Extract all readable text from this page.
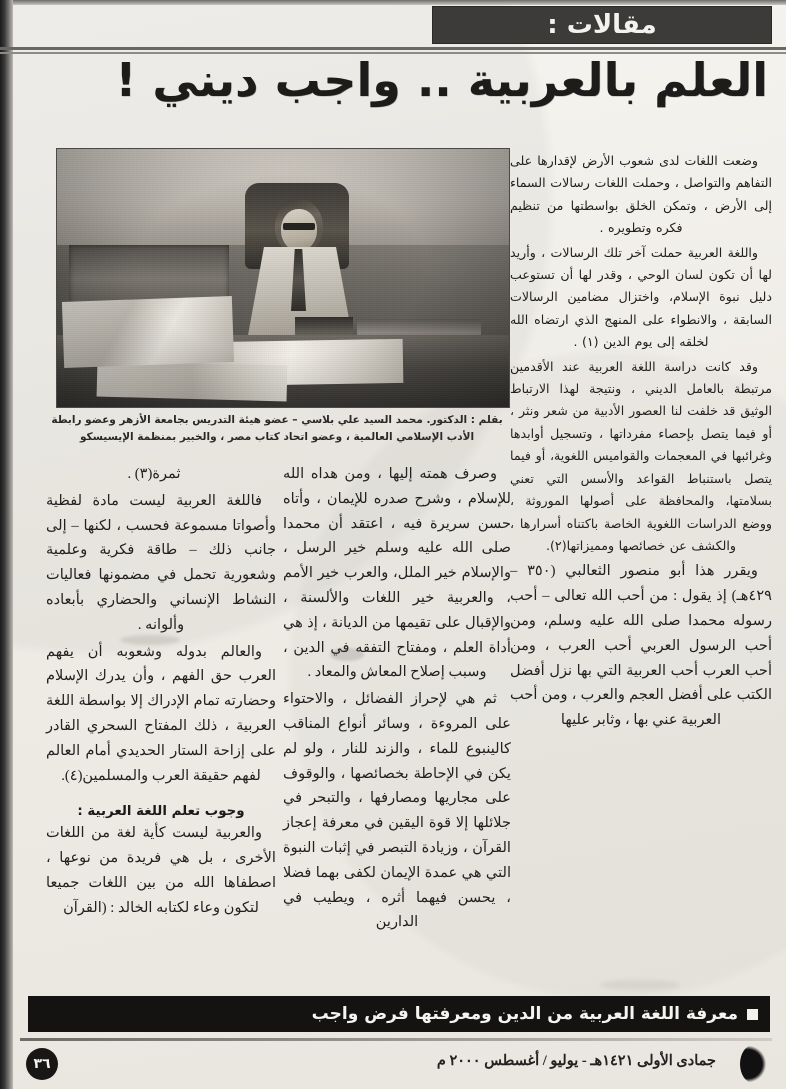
مقالات :
العلم بالعربية .. واجب ديني !
بقلم : الدكتور. محمد السيد علي بلاسي – عضو هيئة التدريس بجامعة الأزهر وعضو رابطة الأدب الإسلامي العالمية ، وعضو اتحاد كتاب مصر ، والخبير بمنظمة الإيسيسكو

وضعت اللغات لدى شعوب الأرض لإقدارها على التفاهم والتواصل ، وحملت اللغات رسالات السماء إلى الأرض ، وتمكن الخلق بواسطتها من تنظيم فكره وتطويره .

واللغة العربية حملت آخر تلك الرسالات ، وأريد لها أن تكون لسان الوحي ، وقدر لها أن تستوعب دليل نبوة الإسلام، واختزال مضامين الرسالات السابقة ، والانطواء على المنهج الذي ارتضاه الله لخلقه إلى يوم الدين (١) .

وقد كانت دراسة اللغة العربية عند الأقدمين مرتبطة بالعامل الديني ، ونتيجة لهذا الارتباط الوثيق قد خلفت لنا العصور الأدبية من شعر ونثر ، أو فيما يتصل بإحصاء مفرداتها ، وتسجيل أوابدها وغرائبها في المعجمات والقواميس اللغوية، أو فيما يتصل باستنباط القواعد والأسس التي تعني بسلامتها، والمحافظة على أصولها الموروثة ، ووضع الدراسات اللغوية الخاصة باكتناه أسرارها ، والكشف عن خصائصها ومميزاتها(٢).

ويقرر هذا أبو منصور الثعالبي (٣٥٠ – ٤٢٩هـ) إذ يقول : من أحب الله تعالى – أحب رسوله محمدا صلى الله عليه وسلم، ومن أحب الرسول العربي أحب العرب ، ومن أحب العرب أحب العربية التي بها نزل أفضل الكتب على أفضل العجم والعرب ، ومن أحب العربية عني بها ، وثابر عليها

وصرف همته إليها ، ومن هداه الله للإسلام ، وشرح صدره للإيمان ، وأتاه حسن سريرة فيه ، اعتقد أن محمدا صلى الله عليه وسلم خير الرسل ، والإسلام خير الملل، والعرب خير الأمم ، والعربية خير اللغات والألسنة ، والإقبال على تقيمها من الديانة ، إذ هي أداة العلم ، ومفتاح التفقه في الدين ، وسبب إصلاح المعاش والمعاد .

ثم هي لإحراز الفضائل ، والاحتواء على المروءة ، وسائر أنواع المناقب كالينبوع للماء ، والزند للنار ، ولو لم يكن في الإحاطة بخصائصها ، والوقوف على مجاريها ومصارفها ، والتبحر في جلائلها إلا قوة اليقين في معرفة إعجاز القرآن ، وزيادة التبصر في إثبات النبوة التي هي عمدة الإيمان لكفى بهما فضلا ، يحسن فيهما أثره ، ويطيب في الدارين

ثمرة(٣) .

فاللغة العربية ليست مادة لفظية وأصواتا مسموعة فحسب ، لكنها – إلى جانب ذلك – طاقة فكرية وعلمية وشعورية تحمل في مضمونها فعاليات النشاط الإنساني والحضاري بأبعاده وألوانه .

والعالم بدوله وشعوبه أن يفهم العرب حق الفهم ، وأن يدرك الإسلام وحضارته تمام الإدراك إلا بواسطة اللغة العربية ، ذلك المفتاح السحري القادر على إزاحة الستار الحديدي أمام العالم لفهم حقيقة العرب والمسلمين(٤).

وجوب تعلم اللغة العربية :

والعربية ليست كأية لغة من اللغات الأخرى ، بل هي فريدة من نوعها ، اصطفاها الله من بين اللغات جميعا لتكون وعاء لكتابه الخالد : (القرآن

معرفة اللغة العربية من الدين ومعرفتها فرض واجب
٣٦	جمادى الأولى ١٤٢١هـ - يوليو / أغسطس ٢٠٠٠ م
